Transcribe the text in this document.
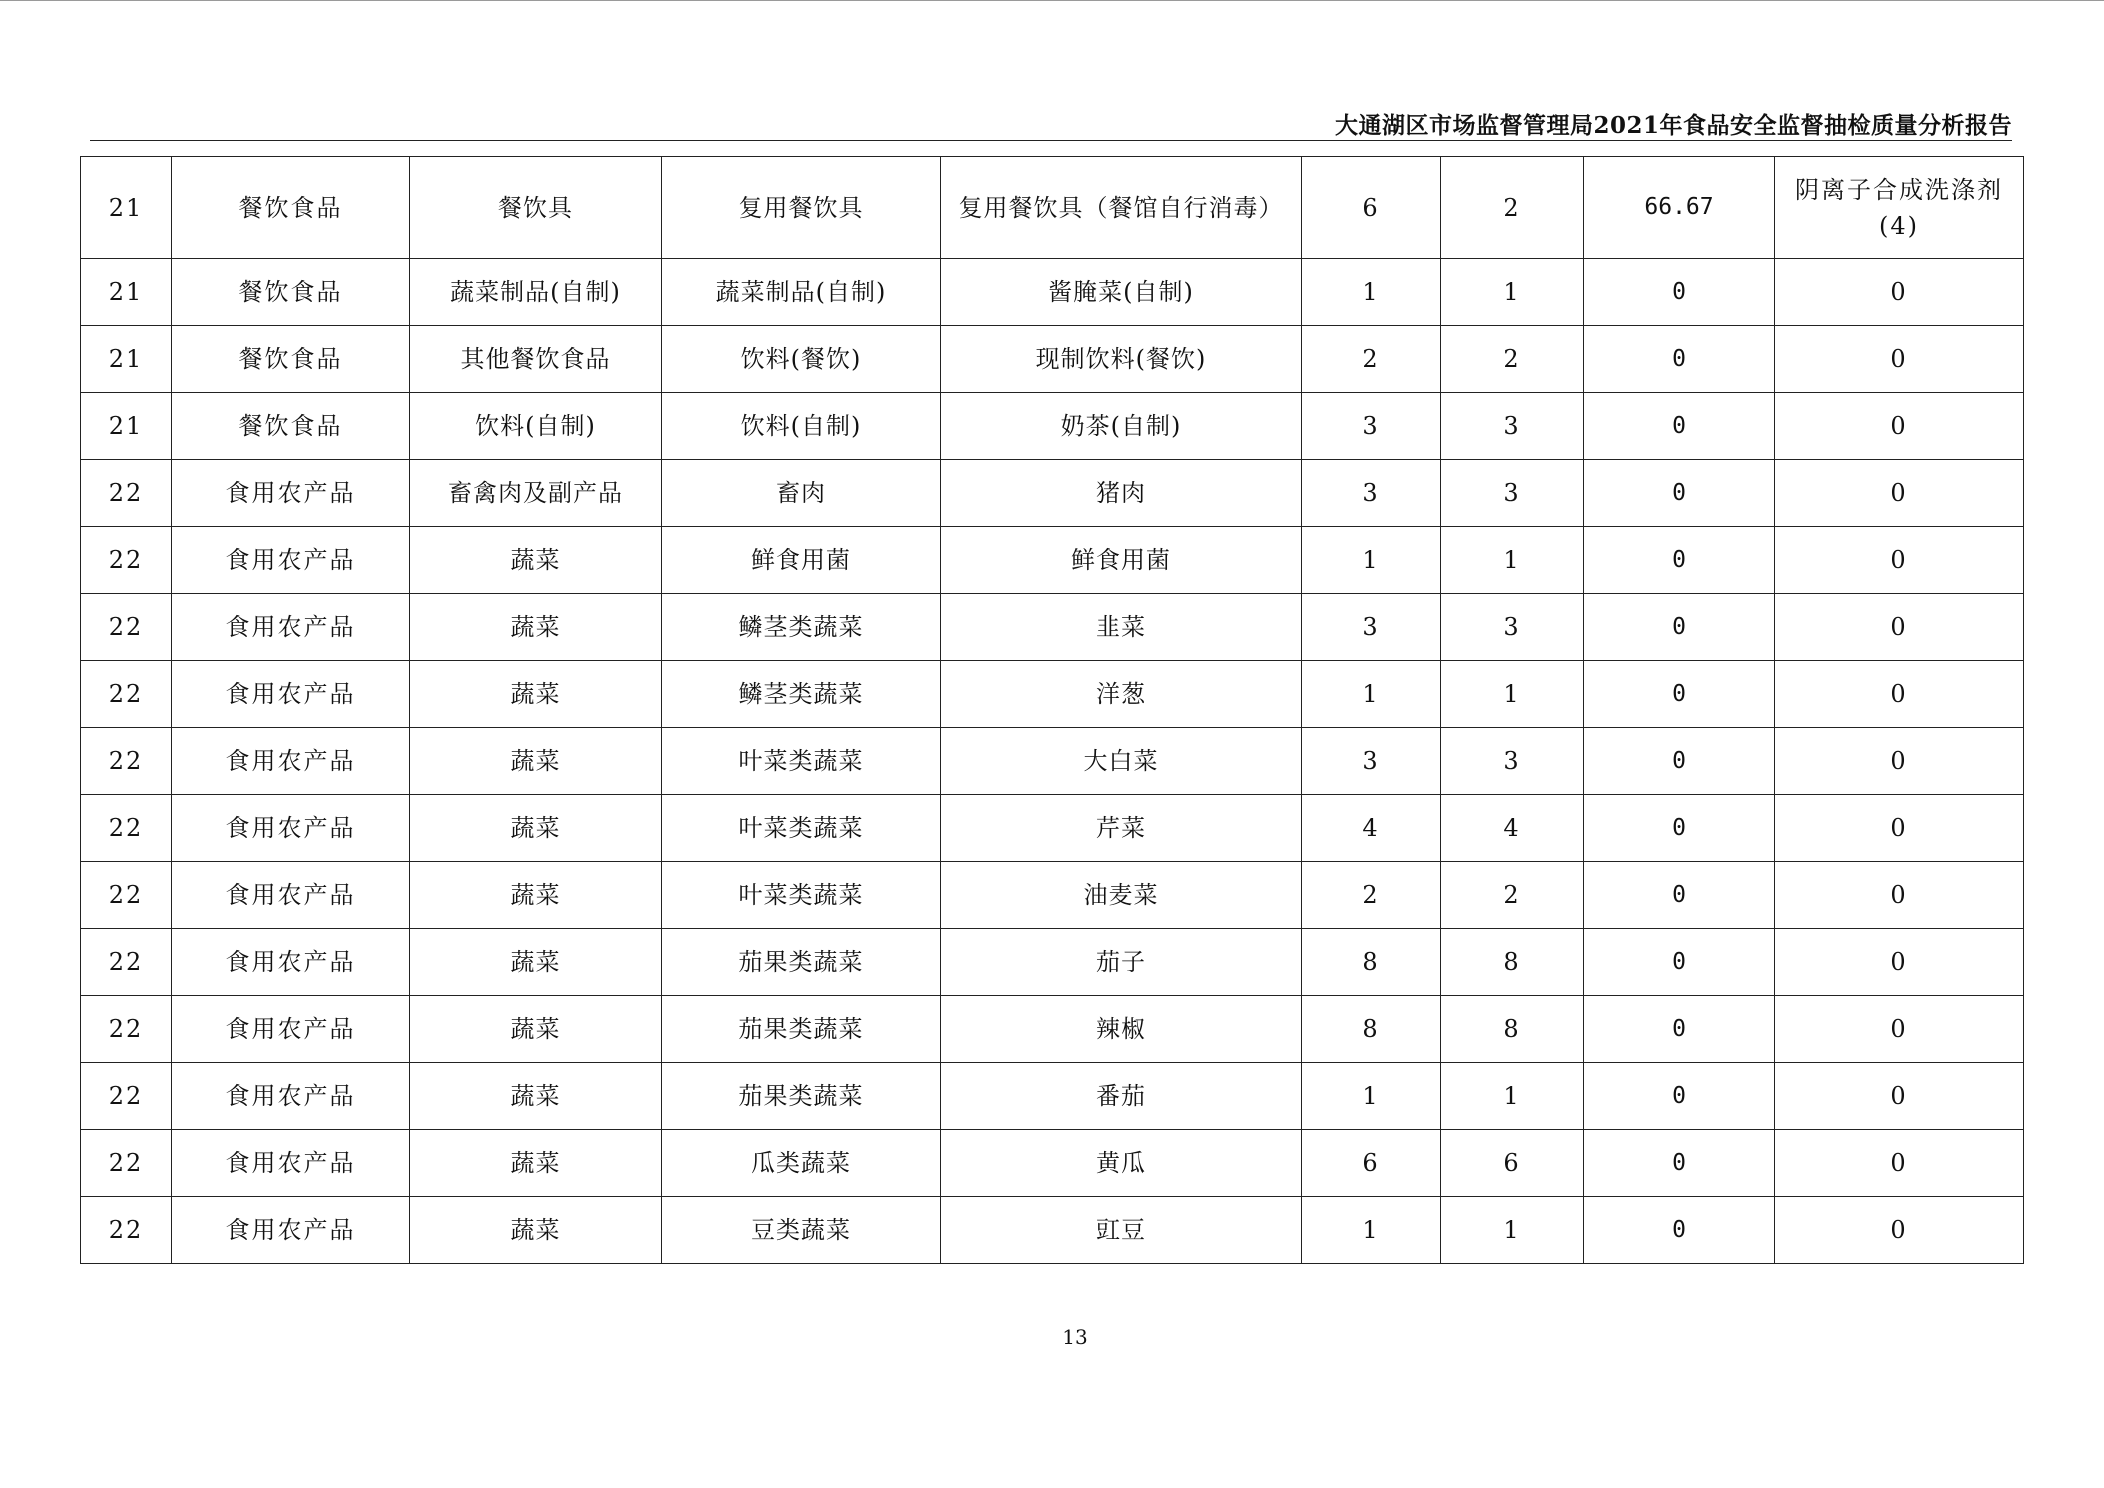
大通湖区市场监督管理局2021年食品安全监督抽检质量分析报告
21	餐饮食品	餐饮具	复用餐饮具	复用餐饮具（餐馆自行消毒）	6	2	66.67	阴离子合成洗涤剂(4)
21	餐饮食品	蔬菜制品(自制)	蔬菜制品(自制)	酱腌菜(自制)	1	1	0	0
21	餐饮食品	其他餐饮食品	饮料(餐饮)	现制饮料(餐饮)	2	2	0	0
21	餐饮食品	饮料(自制)	饮料(自制)	奶茶(自制)	3	3	0	0
22	食用农产品	畜禽肉及副产品	畜肉	猪肉	3	3	0	0
22	食用农产品	蔬菜	鲜食用菌	鲜食用菌	1	1	0	0
22	食用农产品	蔬菜	鳞茎类蔬菜	韭菜	3	3	0	0
22	食用农产品	蔬菜	鳞茎类蔬菜	洋葱	1	1	0	0
22	食用农产品	蔬菜	叶菜类蔬菜	大白菜	3	3	0	0
22	食用农产品	蔬菜	叶菜类蔬菜	芹菜	4	4	0	0
22	食用农产品	蔬菜	叶菜类蔬菜	油麦菜	2	2	0	0
22	食用农产品	蔬菜	茄果类蔬菜	茄子	8	8	0	0
22	食用农产品	蔬菜	茄果类蔬菜	辣椒	8	8	0	0
22	食用农产品	蔬菜	茄果类蔬菜	番茄	1	1	0	0
22	食用农产品	蔬菜	瓜类蔬菜	黄瓜	6	6	0	0
22	食用农产品	蔬菜	豆类蔬菜	豇豆	1	1	0	0
13
